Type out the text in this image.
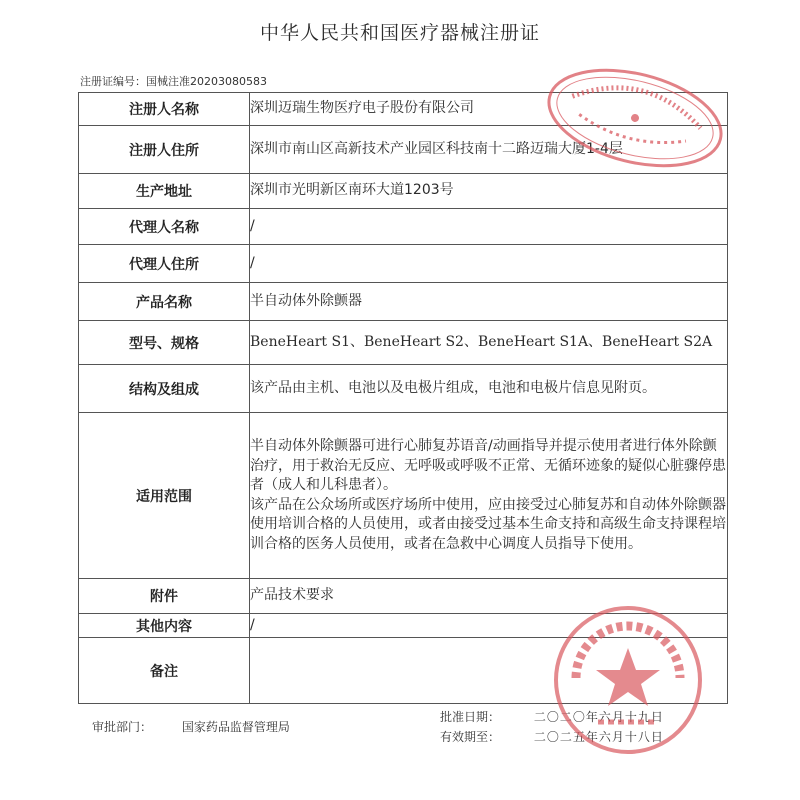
中华人民共和国医疗器械注册证
注册证编号：国械注准20203080583
注册人名称	深圳迈瑞生物医疗电子股份有限公司
注册人住所	深圳市南山区高新技术产业园区科技南十二路迈瑞大厦1-4层
生产地址	深圳市光明新区南环大道1203号
代理人名称	/
代理人住所	/
产品名称	半自动体外除颤器
型号、规格	BeneHeart S1、BeneHeart S2、BeneHeart S1A、BeneHeart S2A
结构及组成	该产品由主机、电池以及电极片组成，电池和电极片信息见附页。
适用范围	半自动体外除颤器可进行心肺复苏语音/动画指导并提示使用者进行体外除颤治疗，用于救治无反应、无呼吸或呼吸不正常、无循环迹象的疑似心脏骤停患者（成人和儿科患者）。

该产品在公众场所或医疗场所中使用，应由接受过心肺复苏和自动体外除颤器使用培训合格的人员使用，或者由接受过基本生命支持和高级生命支持课程培训合格的医务人员使用，或者在急救中心调度人员指导下使用。

附件	产品技术要求
其他内容	/
备注	
审批部门： 国家药品监督管理局
批准日期：	二〇二〇年六月十九日
有效期至：	二〇二五年六月十八日
